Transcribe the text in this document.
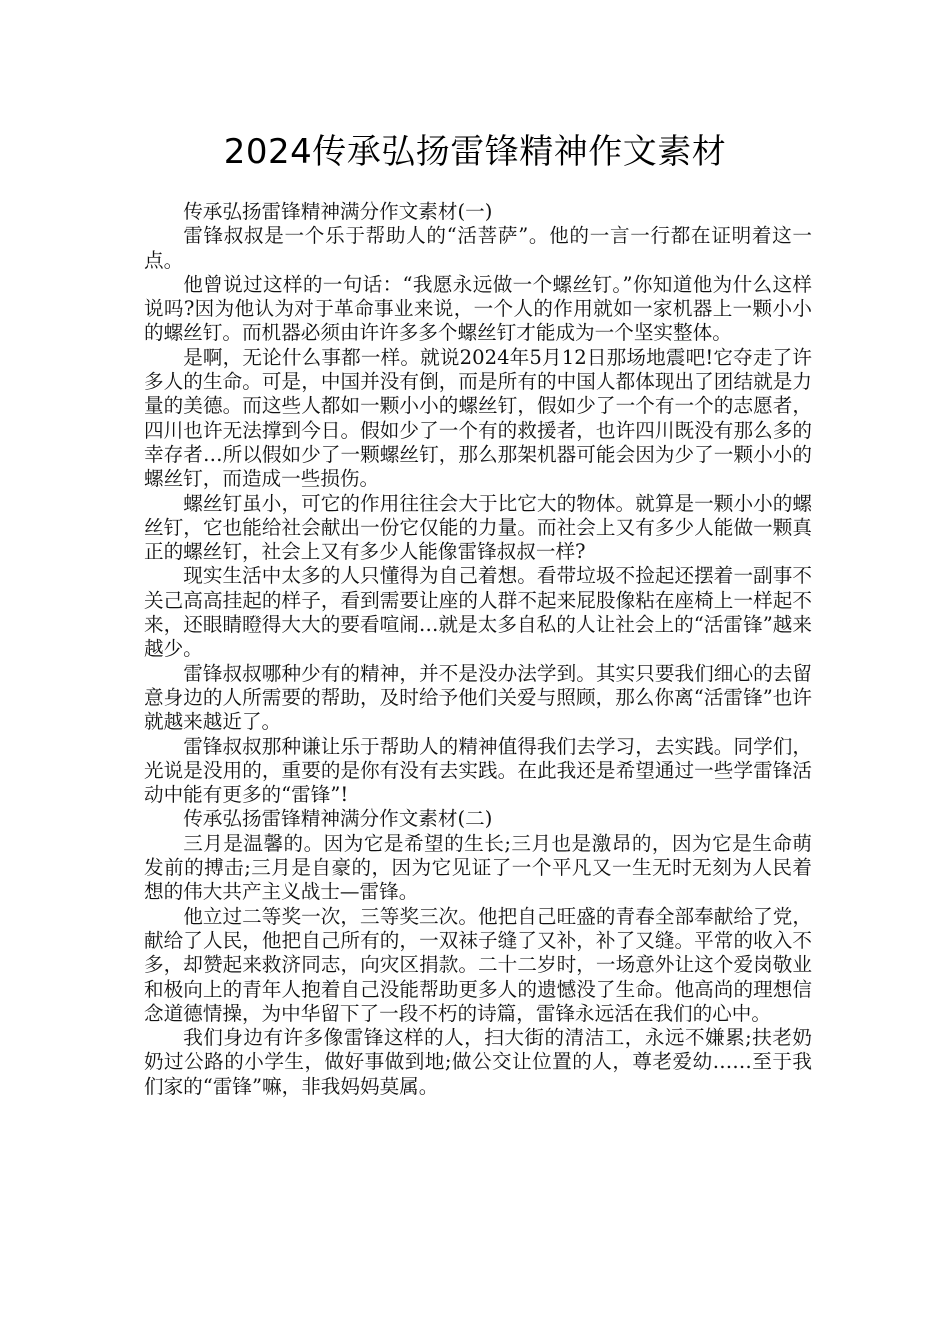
2024传承弘扬雷锋精神作文素材

传承弘扬雷锋精神满分作文素材(一)

雷锋叔叔是一个乐于帮助人的“活菩萨”。他的一言一行都在证明着这一点。

他曾说过这样的一句话：“我愿永远做一个螺丝钉。”你知道他为什么这样说吗?因为他认为对于革命事业来说，一个人的作用就如一家机器上一颗小小的螺丝钉。而机器必须由许许多多个螺丝钉才能成为一个坚实整体。

是啊，无论什么事都一样。就说2024年5月12日那场地震吧!它夺走了许多人的生命。可是，中国并没有倒，而是所有的中国人都体现出了团结就是力量的美德。而这些人都如一颗小小的螺丝钉，假如少了一个有一个的志愿者，四川也许无法撑到今日。假如少了一个有的救援者，也许四川既没有那么多的幸存者…所以假如少了一颗螺丝钉，那么那架机器可能会因为少了一颗小小的螺丝钉，而造成一些损伤。

螺丝钉虽小，可它的作用往往会大于比它大的物体。就算是一颗小小的螺丝钉，它也能给社会献出一份它仅能的力量。而社会上又有多少人能做一颗真正的螺丝钉，社会上又有多少人能像雷锋叔叔一样?

现实生活中太多的人只懂得为自己着想。看带垃圾不捡起还摆着一副事不关己高高挂起的样子，看到需要让座的人群不起来屁股像粘在座椅上一样起不来，还眼睛瞪得大大的要看喧闹…就是太多自私的人让社会上的“活雷锋”越来越少。

雷锋叔叔哪种少有的精神，并不是没办法学到。其实只要我们细心的去留意身边的人所需要的帮助，及时给予他们关爱与照顾，那么你离“活雷锋”也许就越来越近了。

雷锋叔叔那种谦让乐于帮助人的精神值得我们去学习，去实践。同学们，光说是没用的，重要的是你有没有去实践。在此我还是希望通过一些学雷锋活动中能有更多的“雷锋”!

传承弘扬雷锋精神满分作文素材(二)

三月是温馨的。因为它是希望的生长;三月也是激昂的，因为它是生命萌发前的搏击;三月是自豪的，因为它见证了一个平凡又一生无时无刻为人民着想的伟大共产主义战士—雷锋。

他立过二等奖一次，三等奖三次。他把自己旺盛的青春全部奉献给了党，献给了人民，他把自己所有的，一双袜子缝了又补，补了又缝。平常的收入不多，却赞起来救济同志，向灾区捐款。二十二岁时，一场意外让这个爱岗敬业和极向上的青年人抱着自己没能帮助更多人的遗憾没了生命。他高尚的理想信念道德情操，为中华留下了一段不朽的诗篇，雷锋永远活在我们的心中。

我们身边有许多像雷锋这样的人，扫大街的清洁工，永远不嫌累;扶老奶奶过公路的小学生，做好事做到地;做公交让位置的人，尊老爱幼……至于我们家的“雷锋”嘛，非我妈妈莫属。
